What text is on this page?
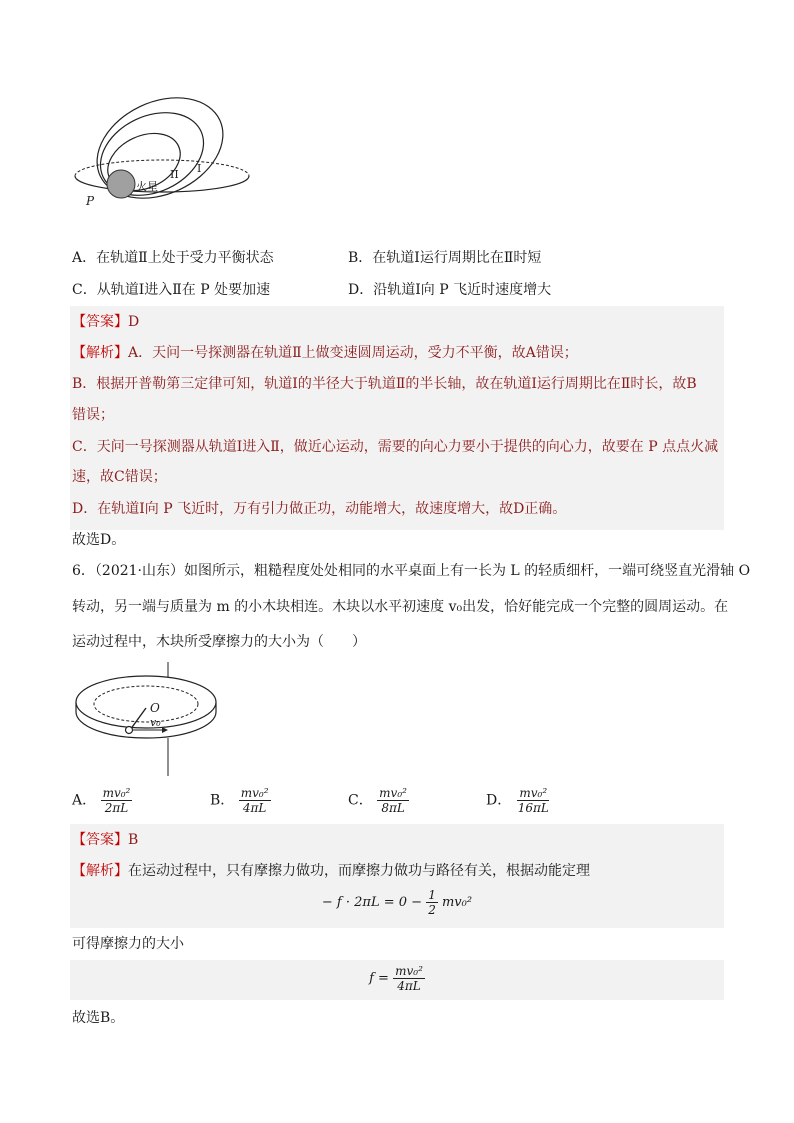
火星
II I
P
A．在轨道Ⅱ上处于受力平衡状态	B．在轨道Ⅰ运行周期比在Ⅱ时短
C．从轨道Ⅰ进入Ⅱ在 P 处要加速	D．沿轨道Ⅰ向 P 飞近时速度增大
【答案】D
【解析】A．天问一号探测器在轨道Ⅱ上做变速圆周运动，受力不平衡，故A错误；
B．根据开普勒第三定律可知，轨道Ⅰ的半径大于轨道Ⅱ的半长轴，故在轨道Ⅰ运行周期比在Ⅱ时长，故B
错误；
C．天问一号探测器从轨道Ⅰ进入Ⅱ，做近心运动，需要的向心力要小于提供的向心力，故要在 P 点点火减
速，故C错误；
D．在轨道Ⅰ向 P 飞近时，万有引力做正功，动能增大，故速度增大，故D正确。
故选D。
6．（2021·山东）如图所示，粗糙程度处处相同的水平桌面上有一长为 L 的轻质细杆，一端可绕竖直光滑轴 O
转动，另一端与质量为 m 的小木块相连。木块以水平初速度 v₀出发，恰好能完成一个完整的圆周运动。在
运动过程中，木块所受摩擦力的大小为（　　）
O
v₀
A． $\frac{\text{mv₀²}}{2\pi L}$	B． $\frac{\text{mv₀²}}{4\pi L}$	C． $\frac{\text{mv₀²}}{8\pi L}$	D． $\frac{\text{mv₀²}}{16\pi L}$
【答案】B
【解析】在运动过程中，只有摩擦力做功，而摩擦力做功与路径有关，根据动能定理
− $f \cdot 2\pi L = 0 - \frac{1}{2} mv_0^2$
可得摩擦力的大小
$f = \frac{\text{mv₀²}}{4\pi L}$
故选B。
